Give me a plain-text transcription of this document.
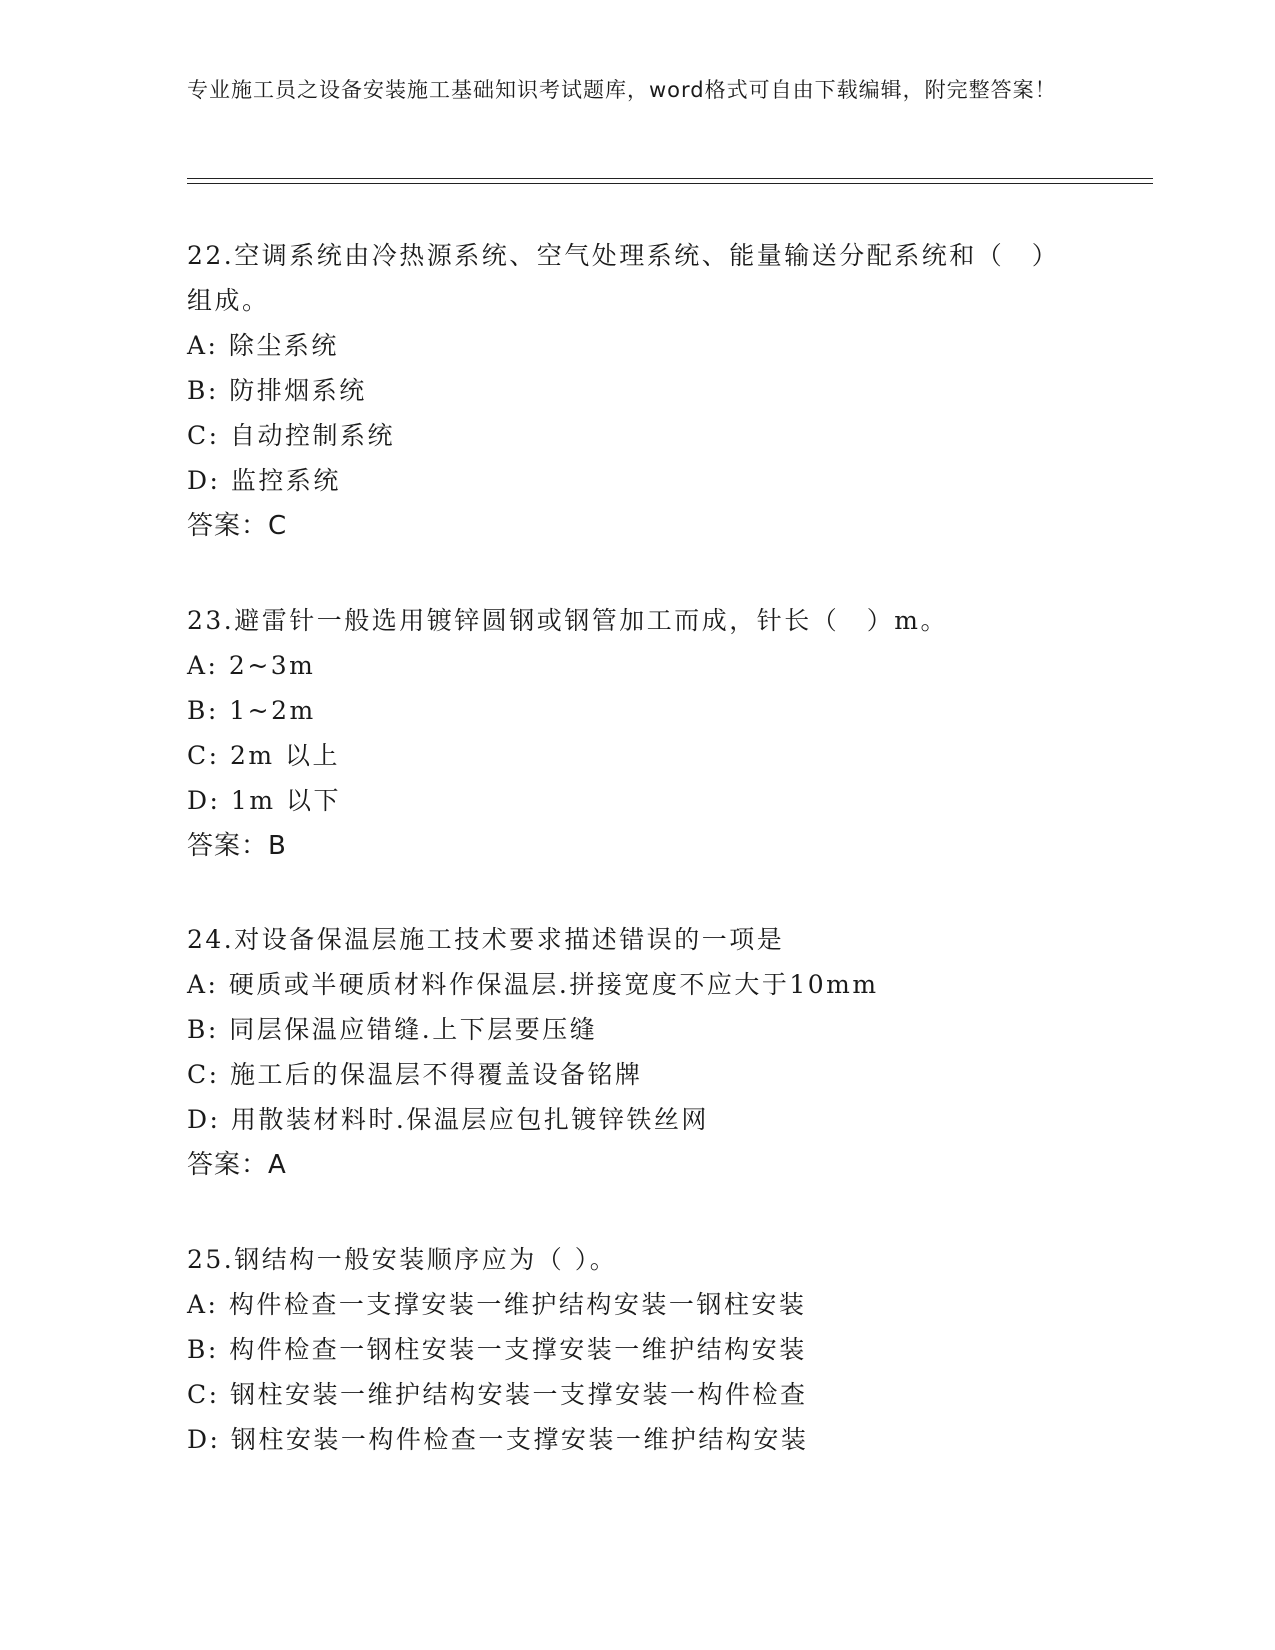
专业施工员之设备安装施工基础知识考试题库，word格式可自由下载编辑，附完整答案！
22.空调系统由冷热源系统、空气处理系统、能量输送分配系统和（　）组成。
A: 除尘系统
B: 防排烟系统
C: 自动控制系统
D: 监控系统
答案：C
23.避雷针一般选用镀锌圆钢或钢管加工而成，针长（　）m。
A: 2~3m
B: 1~2m
C: 2m 以上
D: 1m 以下
答案：B
24.对设备保温层施工技术要求描述错误的一项是
A: 硬质或半硬质材料作保温层.拼接宽度不应大于10mm
B: 同层保温应错缝.上下层要压缝
C: 施工后的保温层不得覆盖设备铭牌
D: 用散装材料时.保温层应包扎镀锌铁丝网
答案：A
25.钢结构一般安装顺序应为（ ）。
A: 构件检查一支撑安装一维护结构安装一钢柱安装
B: 构件检查一钢柱安装一支撑安装一维护结构安装
C: 钢柱安装一维护结构安装一支撑安装一构件检查
D: 钢柱安装一构件检查一支撑安装一维护结构安装
